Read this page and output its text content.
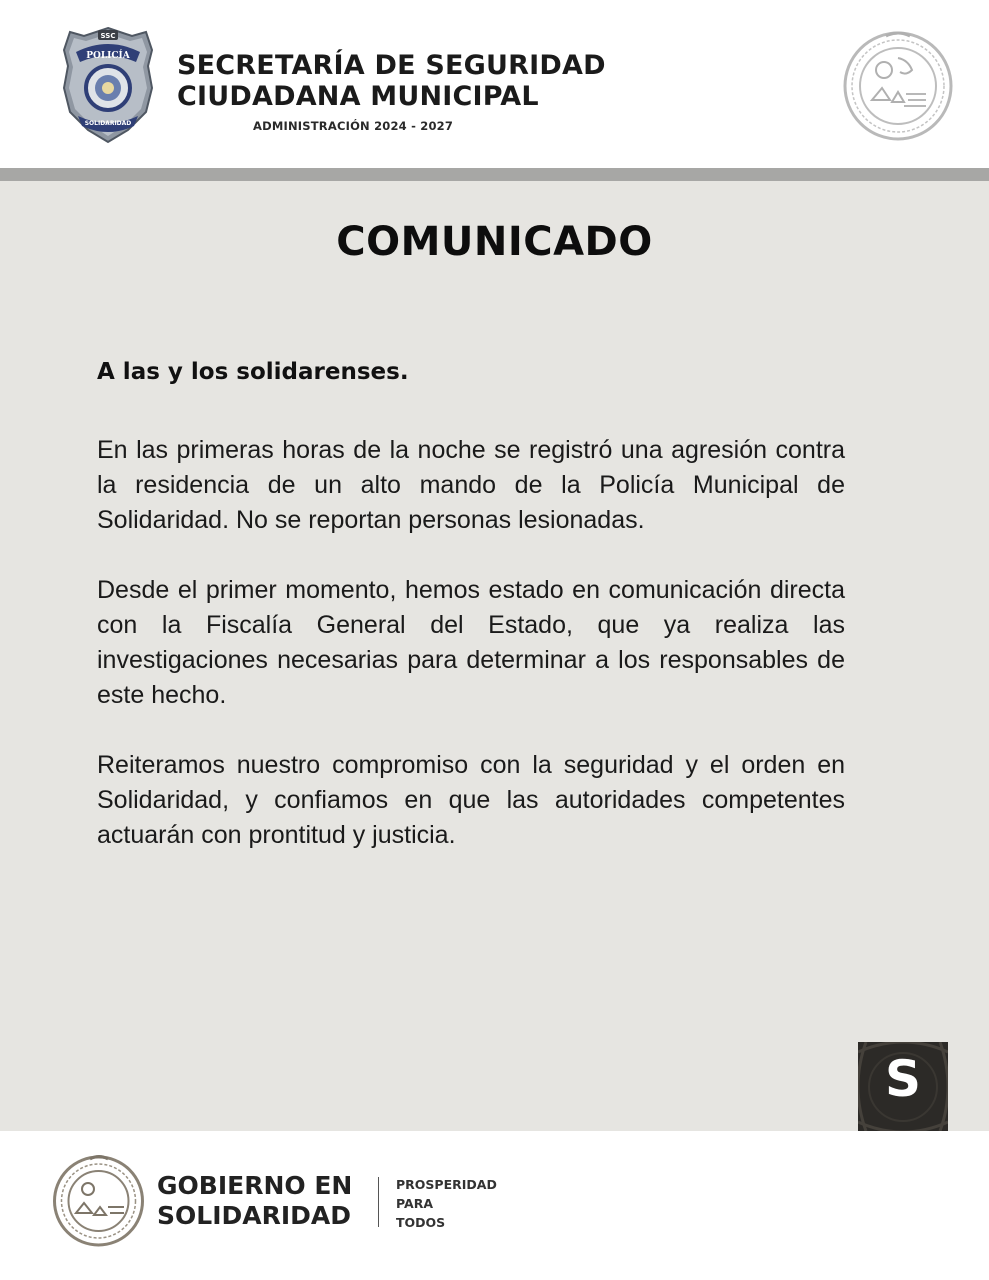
SSC
POLICÍA
SOLIDARIDAD
SECRETARÍA DE SEGURIDAD
CIUDADANA MUNICIPAL
ADMINISTRACIÓN 2024 - 2027
COMUNICADO
A las y los solidarenses.
En las primeras horas de la noche se registró una agresión contra la residencia de un alto mando de la Policía Municipal de Solidaridad. No se reportan personas lesionadas.
Desde el primer momento, hemos estado en comunicación directa con la Fiscalía General del Estado, que ya realiza las investigaciones necesarias para determinar a los responsables de este hecho.
Reiteramos nuestro compromiso con la seguridad y el orden en Solidaridad, y confiamos en que las autoridades competentes actuarán con prontitud y justicia.
S
GOBIERNO EN
SOLIDARIDAD
PROSPERIDAD
PARA
TODOS
